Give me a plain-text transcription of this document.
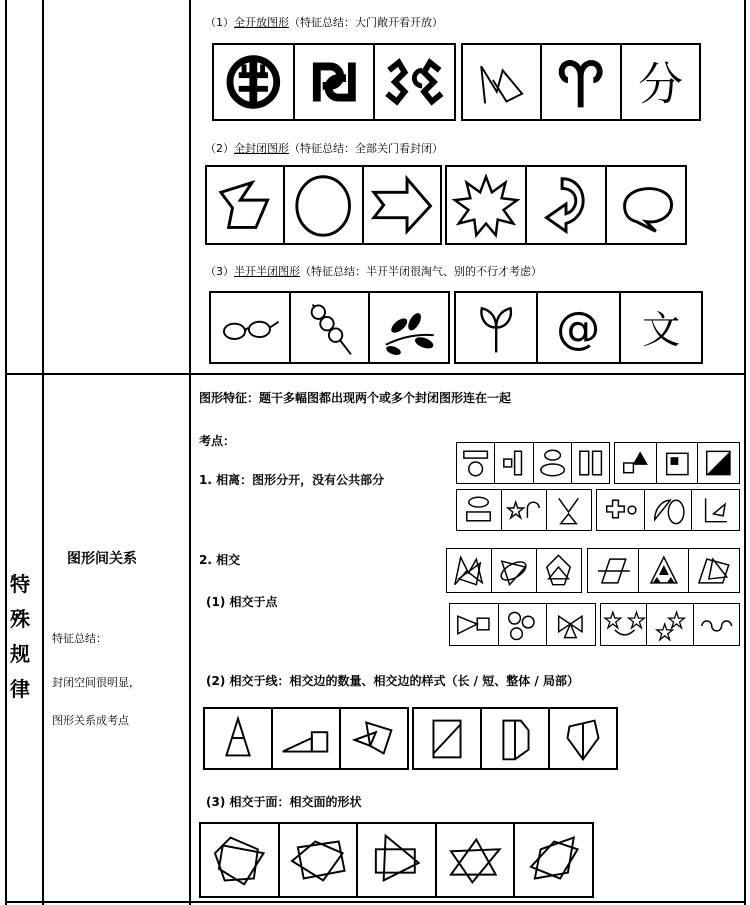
（1）全开放图形（特征总结：大门敞开看开放）
分
（2）全封闭图形（特征总结：全部关门看封闭）
（3）半开半闭图形（特征总结：半开半闭很淘气、别的不行才考虑）
@ 文
特
殊
规
律
图形间关系
特征总结：
封闭空间很明显，
图形关系成考点
图形特征：题干多幅图都出现两个或多个封闭图形连在一起
考点：
1. 相离：图形分开，没有公共部分
2. 相交
(1) 相交于点
(2) 相交于线：相交边的数量、相交边的样式（长 / 短、整体 / 局部）
(3) 相交于面：相交面的形状
